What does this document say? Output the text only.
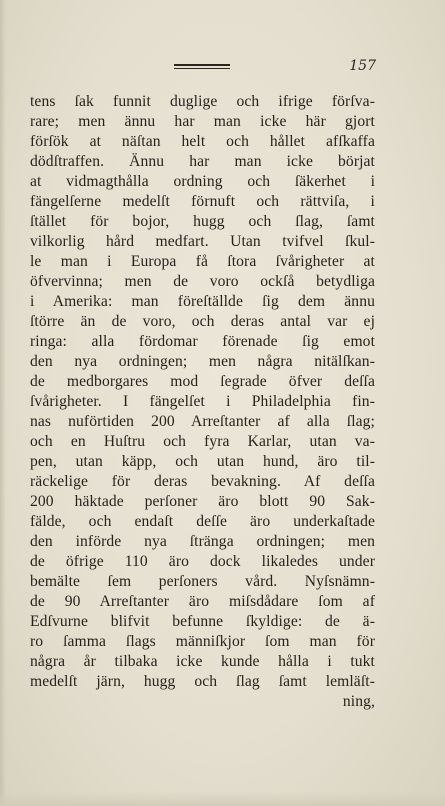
157
tens ſak funnit duglige och ifrige förſva-
rare; men ännu har man icke här gjort
förſök at näſtan helt och hållet afſkaffa
dödſtraffen. Ännu har man icke börjat
at vidmagthålla ordning och ſäkerhet i
fängelſerne medelſt förnuft och rättviſa, i
ſtället för bojor, hugg och ſlag, ſamt
vilkorlig hård medfart. Utan tvifvel ſkul-
le man i Europa få ſtora ſvårigheter at
öfvervinna; men de voro ockſå betydliga
i Amerika: man föreſtällde ſig dem ännu
ſtörre än de voro, och deras antal var ej
ringa: alla fördomar förenade ſig emot
den nya ordningen; men några nitälſkan-
de medborgares mod ſegrade öfver deſſa
ſvårigheter. I fängelſet i Philadelphia fin-
nas nuförtiden 200 Arreſtanter af alla ſlag;
och en Huſtru och fyra Karlar, utan va-
pen, utan käpp, och utan hund, äro til-
räckelige för deras bevakning. Af deſſa
200 häktade perſoner äro blott 90 Sak-
fälde, och endaſt deſſe äro underkaſtade
den införde nya ſtränga ordningen; men
de öfrige 110 äro dock likaledes under
bemälte ſem perſoners vård. Nyſsnämn-
de 90 Arreſtanter äro miſsdådare ſom af
Edſvurne blifvit befunne ſkyldige: de ä-
ro ſamma ſlags männiſkjor ſom man för
några år tilbaka icke kunde hålla i tukt
medelſt järn, hugg och ſlag ſamt lemläſt-
ning,
